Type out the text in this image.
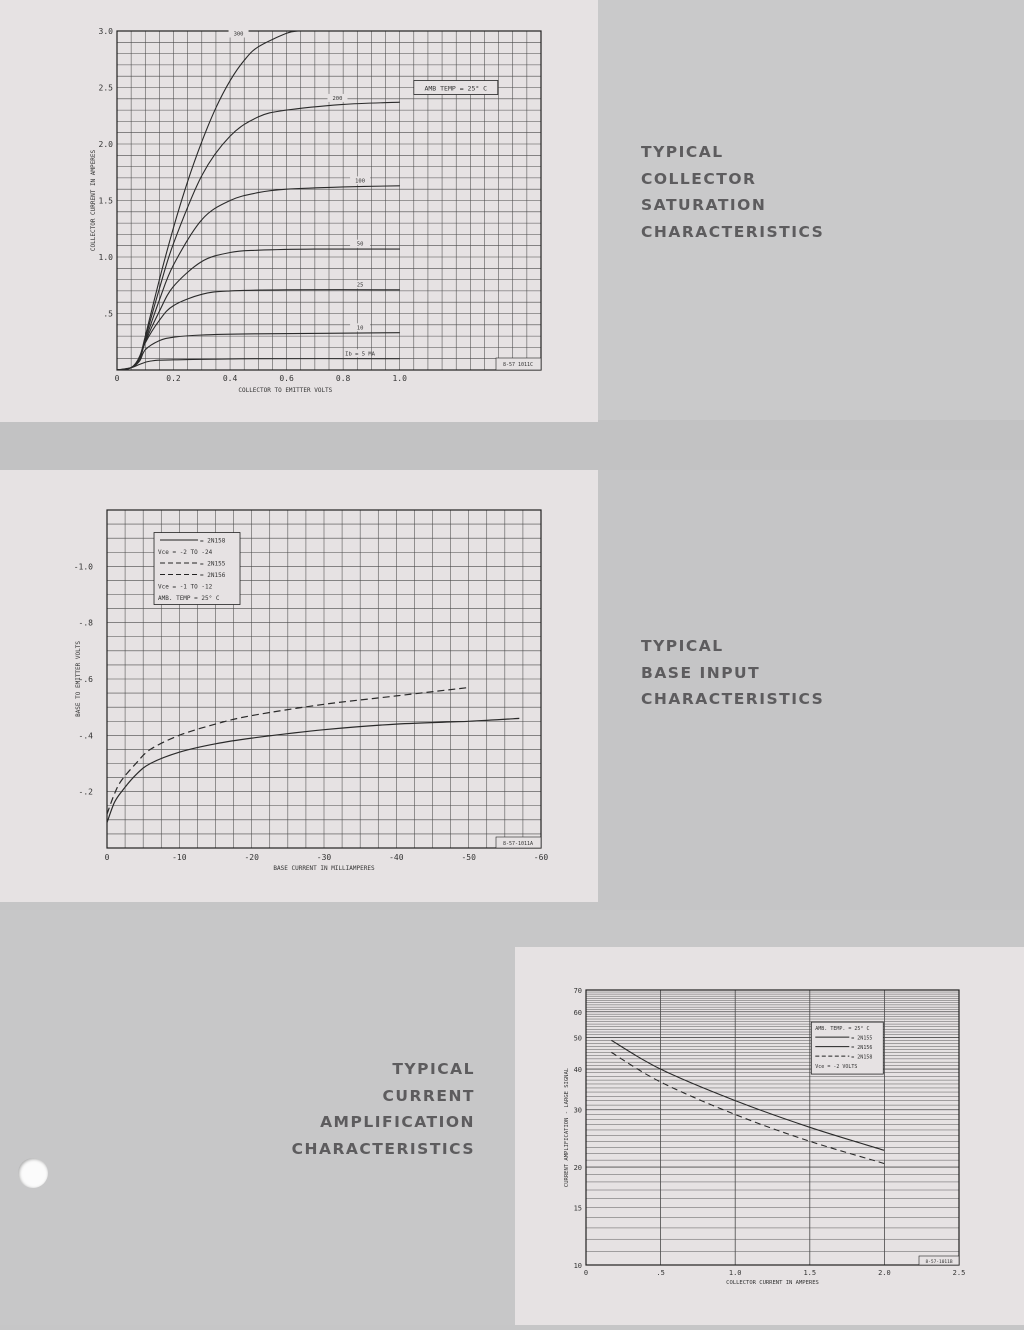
0	0.2	0.4	0.6	0.8	1.0
.5
1.0
1.5
2.0
2.5
3.0
COLLECTOR TO EMITTER VOLTS
COLLECTOR CURRENT IN AMPERES
AMB TEMP = 25° C
8-57 1011C
Ib = 5 MA
10
25
50
100
200
300
0	-10	-20	-30	-40	-50	-60
-.2
-.4
-.6
-.8
-1.0
BASE CURRENT IN MILLIAMPERES
BASE TO EMITTER VOLTS
= 2N158
Vce = -2 TO -24
= 2N155
= 2N156
Vce = -1 TO -12
AMB. TEMP = 25° C
8-57-1011A
0	.5	1.0	1.5	2.0	2.5
10
15
20
30
40
50
60
70
COLLECTOR CURRENT IN AMPERES
CURRENT AMPLIFICATION - LARGE SIGNAL
AMB. TEMP. = 25° C
= 2N155
= 2N156
= 2N158
Vce = -2 VOLTS
8-57-1011B
TYPICAL
COLLECTOR
SATURATION
CHARACTERISTICS
TYPICAL
BASE INPUT
CHARACTERISTICS
TYPICAL
CURRENT
AMPLIFICATION
CHARACTERISTICS
